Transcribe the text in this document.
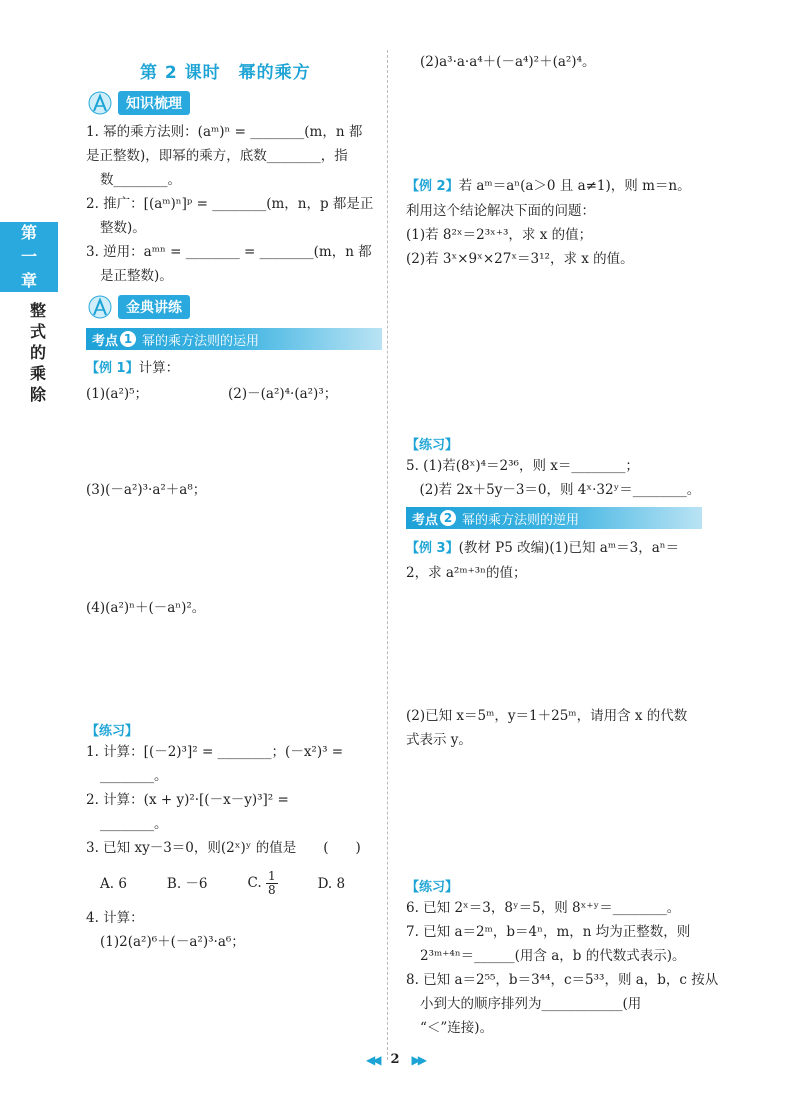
第 2 课时　幂的乘方
第
一
章
整式的乘除
知识梳理
1. 幂的乘方法则：(aᵐ)ⁿ = ________(m，n 都
是正整数)，即幂的乘方，底数________，指
数________。
2. 推广：[(aᵐ)ⁿ]ᵖ = ________(m，n，p 都是正
整数)。
3. 逆用：aᵐⁿ = ________ = ________(m，n 都
是正整数)。
金典讲练
考点 1 幂的乘方法则的运用
【例 1】计算：
(1)(a²)⁵；	(2)－(a²)⁴·(a²)³；
(3)(－a²)³·a²＋a⁸；
(4)(a²)ⁿ＋(－aⁿ)²。
【练习】
1. 计算：[(－2)³]² = ________；(－x²)³ =
________。
2. 计算：(x + y)²·[(－x－y)³]² =
________。
3. 已知 xy－3＝0，则(2ˣ)ʸ 的值是　　(　　)
A. 6	B. －6	C. $\frac{1}{8}$	D. 8
4. 计算：
(1)2(a²)⁶＋(－a²)³·a⁶；
(2)a³·a·a⁴＋(－a⁴)²＋(a²)⁴。
【例 2】若 aᵐ＝aⁿ(a＞0 且 a≠1)，则 m＝n。
利用这个结论解决下面的问题：
(1)若 8²ˣ＝2³ˣ⁺³，求 x 的值；
(2)若 3ˣ×9ˣ×27ˣ＝3¹²，求 x 的值。
【练习】
5. (1)若(8ˣ)⁴＝2³⁶，则 x＝________；
　(2)若 2x＋5y－3＝0，则 4ˣ·32ʸ＝________。
考点 2 幂的乘方法则的逆用
【例 3】(教材 P5 改编)(1)已知 aᵐ＝3，aⁿ＝
2，求 a²ᵐ⁺³ⁿ的值；
(2)已知 x＝5ᵐ，y＝1＋25ᵐ，请用含 x 的代数
式表示 y。
【练习】
6. 已知 2ˣ＝3，8ʸ＝5，则 8ˣ⁺ʸ＝________。
7. 已知 a＝2ᵐ，b＝4ⁿ，m，n 均为正整数，则
2³ᵐ⁺⁴ⁿ＝______(用含 a，b 的代数式表示)。
8. 已知 a＝2⁵⁵，b＝3⁴⁴，c＝5³³，则 a，b，c 按从
小到大的顺序排列为____________(用
“＜”连接)。
◀◀ 2 ▶▶
